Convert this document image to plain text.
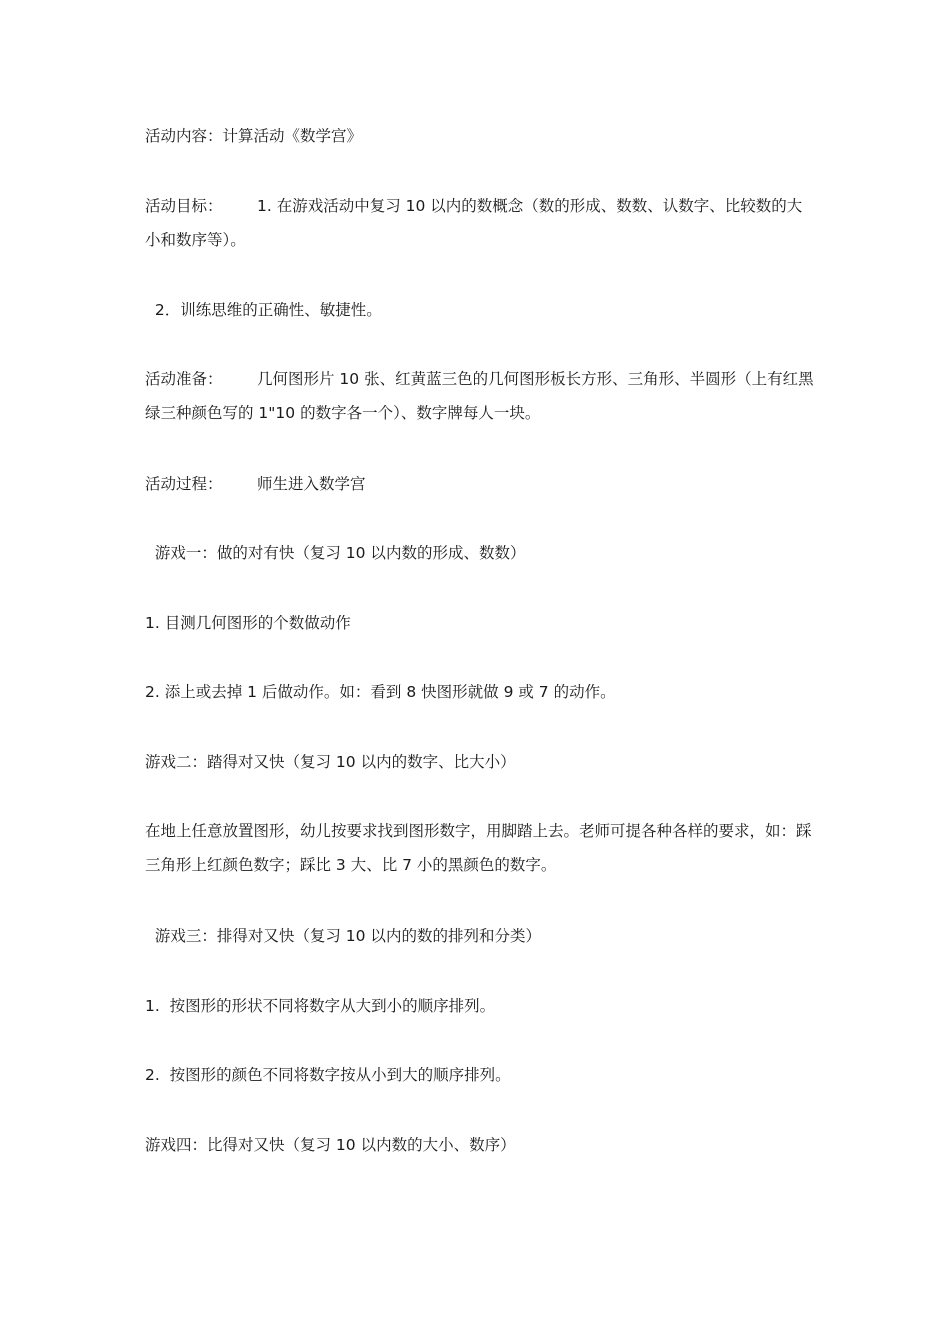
活动内容：计算活动《数学宫》
活动目标：       1. 在游戏活动中复习 10 以内的数概念（数的形成、数数、认数字、比较数的大小和数序等）。
2．训练思维的正确性、敏捷性。
活动准备：       几何图形片 10 张、红黄蓝三色的几何图形板长方形、三角形、半圆形（上有红黑绿三种颜色写的 1"10 的数字各一个）、数字牌每人一块。
活动过程：       师生进入数学宫
游戏一：做的对有快（复习 10 以内数的形成、数数）
1. 目测几何图形的个数做动作
2. 添上或去掉 1 后做动作。如：看到 8 快图形就做 9 或 7 的动作。
游戏二：踏得对又快（复习 10 以内的数字、比大小）
在地上任意放置图形，幼儿按要求找到图形数字，用脚踏上去。老师可提各种各样的要求，如：踩三角形上红颜色数字；踩比 3 大、比 7 小的黑颜色的数字。
游戏三：排得对又快（复习 10 以内的数的排列和分类）
1.  按图形的形状不同将数字从大到小的顺序排列。
2.  按图形的颜色不同将数字按从小到大的顺序排列。
游戏四：比得对又快（复习 10 以内数的大小、数序）
